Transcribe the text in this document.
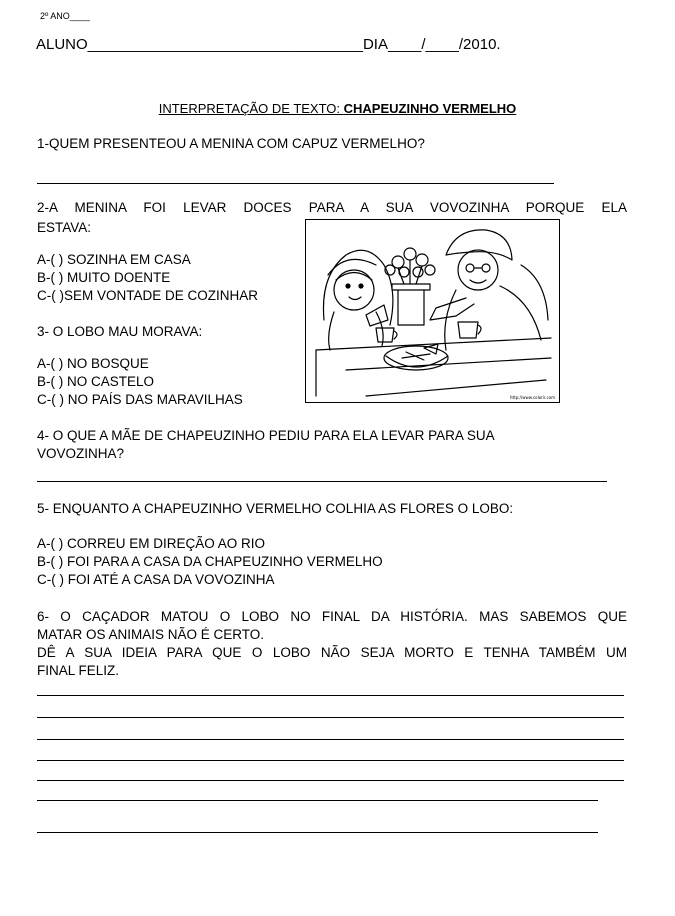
2º ANO____
ALUNO_________________________________DIA____/____/2010.
INTERPRETAÇÃO DE TEXTO: CHAPEUZINHO VERMELHO
1-QUEM PRESENTEOU A MENINA COM CAPUZ VERMELHO?
2-A MENINA FOI LEVAR DOCES PARA A SUA VOVOZINHA PORQUE ELA
ESTAVA:
A-( ) SOZINHA EM CASA
B-( ) MUITO DOENTE
C-( )SEM VONTADE DE COZINHAR
3- O LOBO MAU MORAVA:
A-( ) NO BOSQUE
B-( ) NO CASTELO
C-( ) NO PAÍS DAS MARAVILHAS	http://www.colorir.com
4- O QUE A MÃE DE CHAPEUZINHO PEDIU PARA ELA LEVAR PARA SUA
VOVOZINHA?
5- ENQUANTO A CHAPEUZINHO VERMELHO COLHIA AS FLORES O LOBO:
A-( ) CORREU EM DIREÇÃO AO RIO
B-( ) FOI PARA A CASA DA CHAPEUZINHO VERMELHO
C-( ) FOI ATÉ A CASA DA VOVOZINHA
6- O CAÇADOR MATOU O LOBO NO FINAL DA HISTÓRIA. MAS SABEMOS QUE
MATAR OS ANIMAIS NÃO É CERTO.
DÊ A SUA IDEIA PARA QUE O LOBO NÃO SEJA MORTO E TENHA TAMBÉM UM
FINAL FELIZ.
